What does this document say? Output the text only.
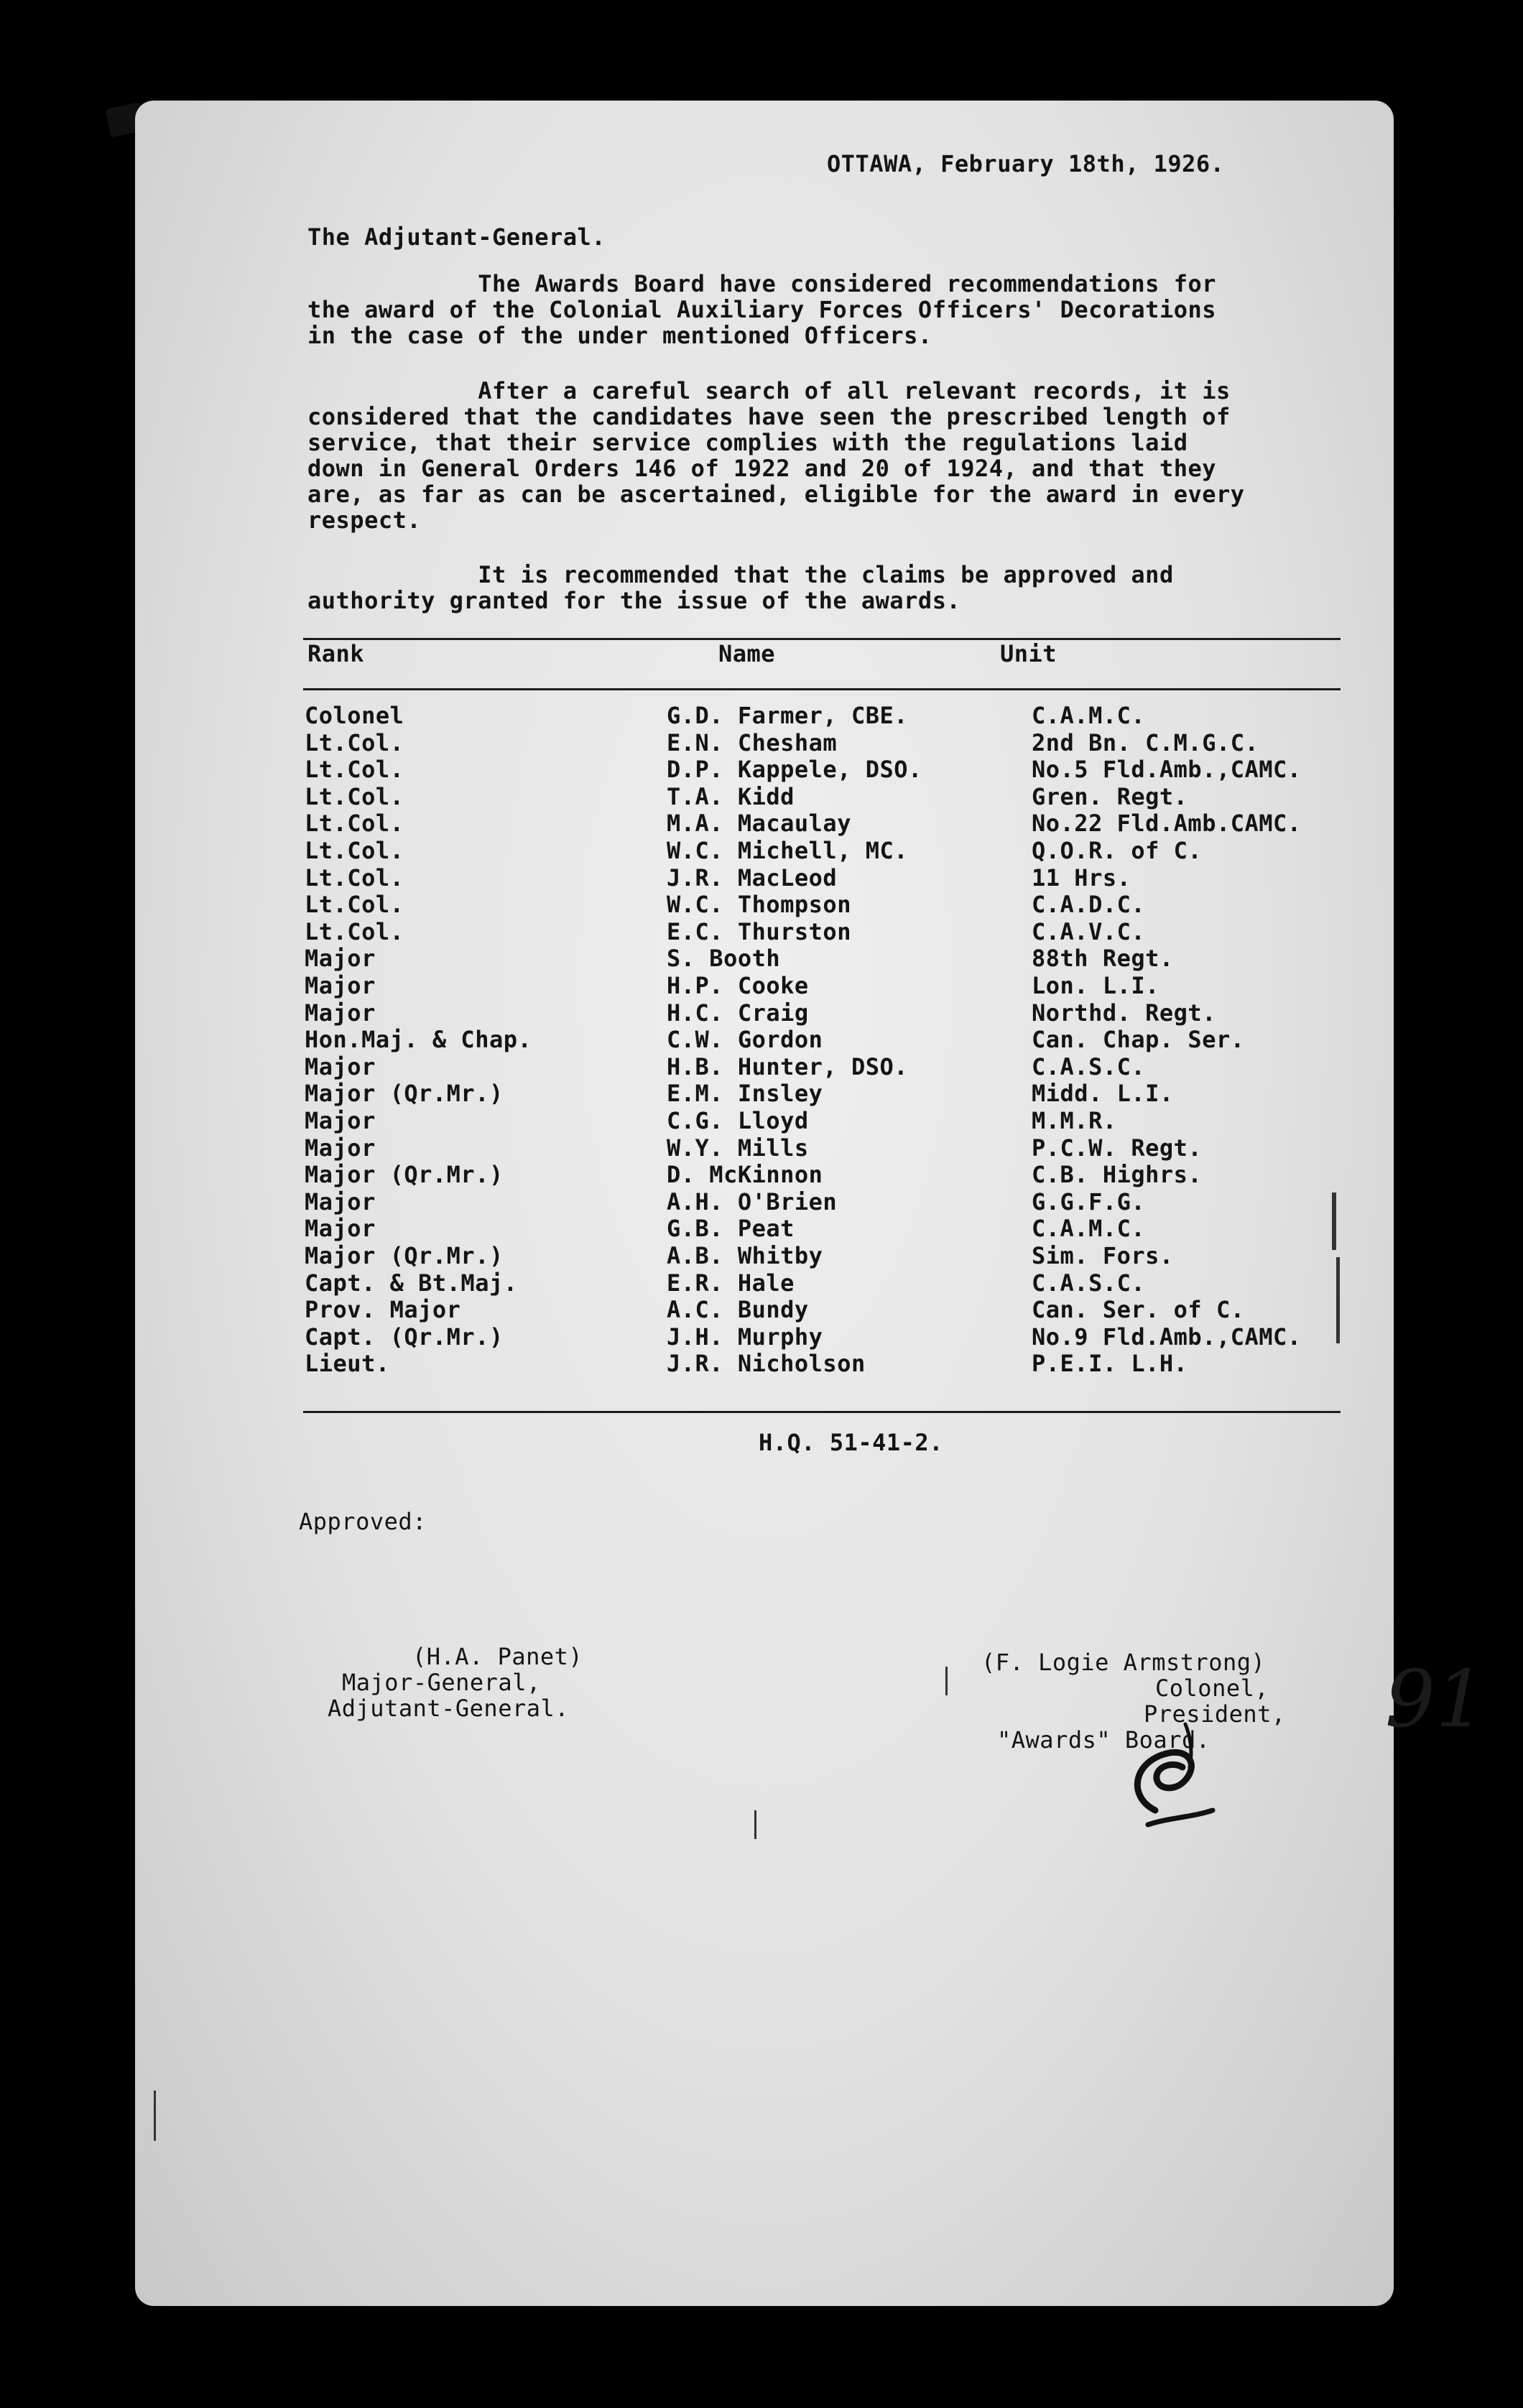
OTTAWA, February 18th, 1926.
The Adjutant-General.
The Awards Board have considered recommendations for
the award of the Colonial Auxiliary Forces Officers' Decorations
in the case of the under mentioned Officers.
After a careful search of all relevant records, it is
considered that the candidates have seen the prescribed length of
service, that their service complies with the regulations laid
down in General Orders 146 of 1922 and 20 of 1924, and that they
are, as far as can be ascertained, eligible for the award in every
respect.
It is recommended that the claims be approved and
authority granted for the issue of the awards.
Rank	Name	Unit
Colonel	G.D. Farmer, CBE.	C.A.M.C.
Lt.Col.	E.N. Chesham	2nd Bn. C.M.G.C.
Lt.Col.	D.P. Kappele, DSO.	No.5 Fld.Amb.,CAMC.
Lt.Col.	T.A. Kidd	Gren. Regt.
Lt.Col.	M.A. Macaulay	No.22 Fld.Amb.CAMC.
Lt.Col.	W.C. Michell, MC.	Q.O.R. of C.
Lt.Col.	J.R. MacLeod	11 Hrs.
Lt.Col.	W.C. Thompson	C.A.D.C.
Lt.Col.	E.C. Thurston	C.A.V.C.
Major	S. Booth	88th Regt.
Major	H.P. Cooke	Lon. L.I.
Major	H.C. Craig	Northd. Regt.
Hon.Maj. & Chap.	C.W. Gordon	Can. Chap. Ser.
Major	H.B. Hunter, DSO.	C.A.S.C.
Major (Qr.Mr.)	E.M. Insley	Midd. L.I.
Major	C.G. Lloyd	M.M.R.
Major	W.Y. Mills	P.C.W. Regt.
Major (Qr.Mr.)	D. McKinnon	C.B. Highrs.
Major	A.H. O'Brien	G.G.F.G.
Major	G.B. Peat	C.A.M.C.
Major (Qr.Mr.)	A.B. Whitby	Sim. Fors.
Capt. & Bt.Maj.	E.R. Hale	C.A.S.C.
Prov. Major	A.C. Bundy	Can. Ser. of C.
Capt. (Qr.Mr.)	J.H. Murphy	No.9 Fld.Amb.,CAMC.
Lieut.	J.R. Nicholson	P.E.I. L.H.
H.Q. 51-41-2.
Approved:
(H.A. Panet)
Major-General,
Adjutant-General.
(F. Logie Armstrong)
Colonel,
President,
"Awards" Board. 91
